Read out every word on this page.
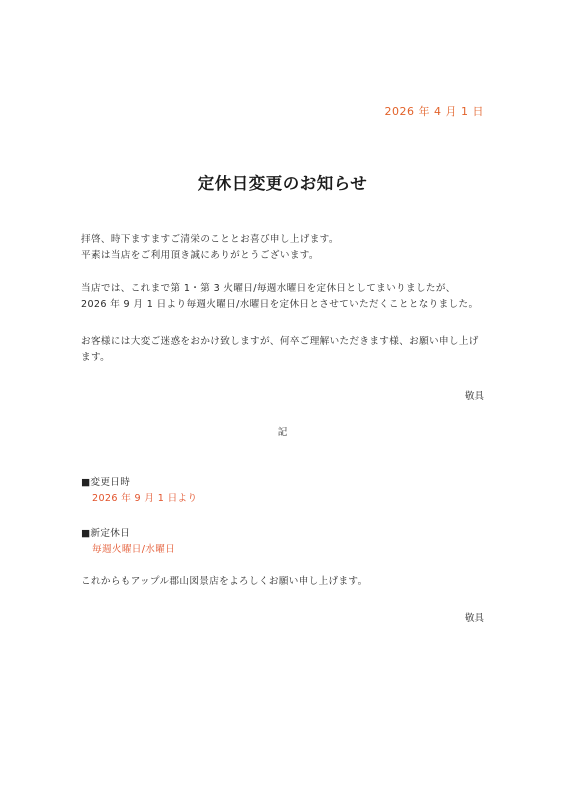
2026 年 4 月 1 日
定休日変更のお知らせ
拝啓、時下ますますご清栄のこととお喜び申し上げます。
平素は当店をご利用頂き誠にありがとうございます。
当店では、これまで第 1・第 3 火曜日/毎週水曜日を定休日としてまいりましたが、
2026 年 9 月 1 日より毎週火曜日/水曜日を定休日とさせていただくこととなりました。
お客様には大変ご迷惑をおかけ致しますが、何卒ご理解いただきます様、お願い申し上げ
ます。
敬具
記
■変更日時
2026 年 9 月 1 日より
■新定休日
毎週火曜日/水曜日
これからもアップル郡山図景店をよろしくお願い申し上げます。
敬具
